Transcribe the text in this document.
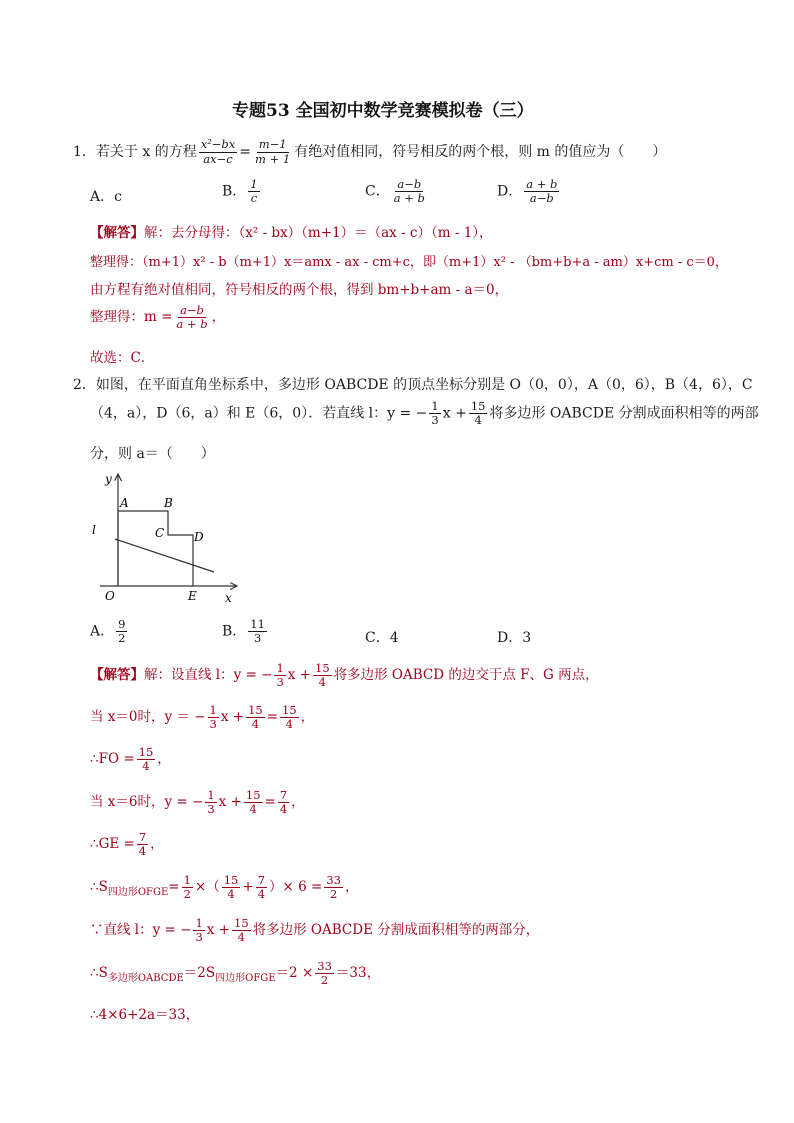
专题53 全国初中数学竞赛模拟卷（三）
1．若关于 x 的方程 $\frac{\text{x²−bx}}{ax-c} = \frac{m-1}{m + 1}$ 有绝对值相同，符号相反的两个根，则 m 的值应为（　　）
A．c	B． $\frac{1}{c}$	C． $\frac{a-b}{a + b}$	D． $\frac{a + b}{a-b}$
【解答】解：去分母得：（x² - bx）（m+1）＝（ax - c）（m - 1），
整理得：（m+1）x² - b（m+1）x＝amx - ax - cm+c，即（m+1）x² - （bm+b+a - am）x+cm - c＝0，
由方程有绝对值相同，符号相反的两个根，得到 bm+b+am - a＝0，
整理得：$m = \frac{a-b}{a + b}$ ，
故选：C．
2．如图，在平面直角坐标系中，多边形 OABCDE 的顶点坐标分别是 O（0，0），A（0，6），B（4，6），C
（4，a），D（6，a）和 E（6，0）．若直线 l：y = − $\frac{1}{3}$ $x + \frac{15}{4}$ 将多边形 OABCDE 分割成面积相等的两部
分，则 a＝（　　）
y
x
O
A	B
C D
E
l
A． $\frac{9}{2}$	B． $\frac{11}{3}$	C．4	D．3
【解答】解：设直线 l：y = − $\frac{1}{3}$ $x + \frac{15}{4}$ 将多边形 OABCD 的边交于点 F、G 两点，
当 x＝0时，y ＝ − $\frac{1}{3}$ $x + \frac{15}{4} = \frac{15}{4}$ ，
∴FO = $\frac{15}{4}$ ，
当 x＝6时，y = − $\frac{1}{3}$ $x + \frac{15}{4} = \frac{7}{4}$ ，
∴GE = $\frac{7}{4}$ ，
$\therefore S_{四边形OFGE}= \frac{1}{2}$ ×（ $\frac{15}{4} + \frac{7}{4}$ ）× $6 = \frac{33}{2}$ ，
∵直线 l：y = − $\frac{1}{3}$ $x + \frac{15}{4}$ 将多边形 OABCDE 分割成面积相等的两部分，
$\therefore S_{多边形OABCDE}=2S_{四边形OFGE}=2 \times \frac{33}{2} =33$，
∴4×6+2a＝33，
